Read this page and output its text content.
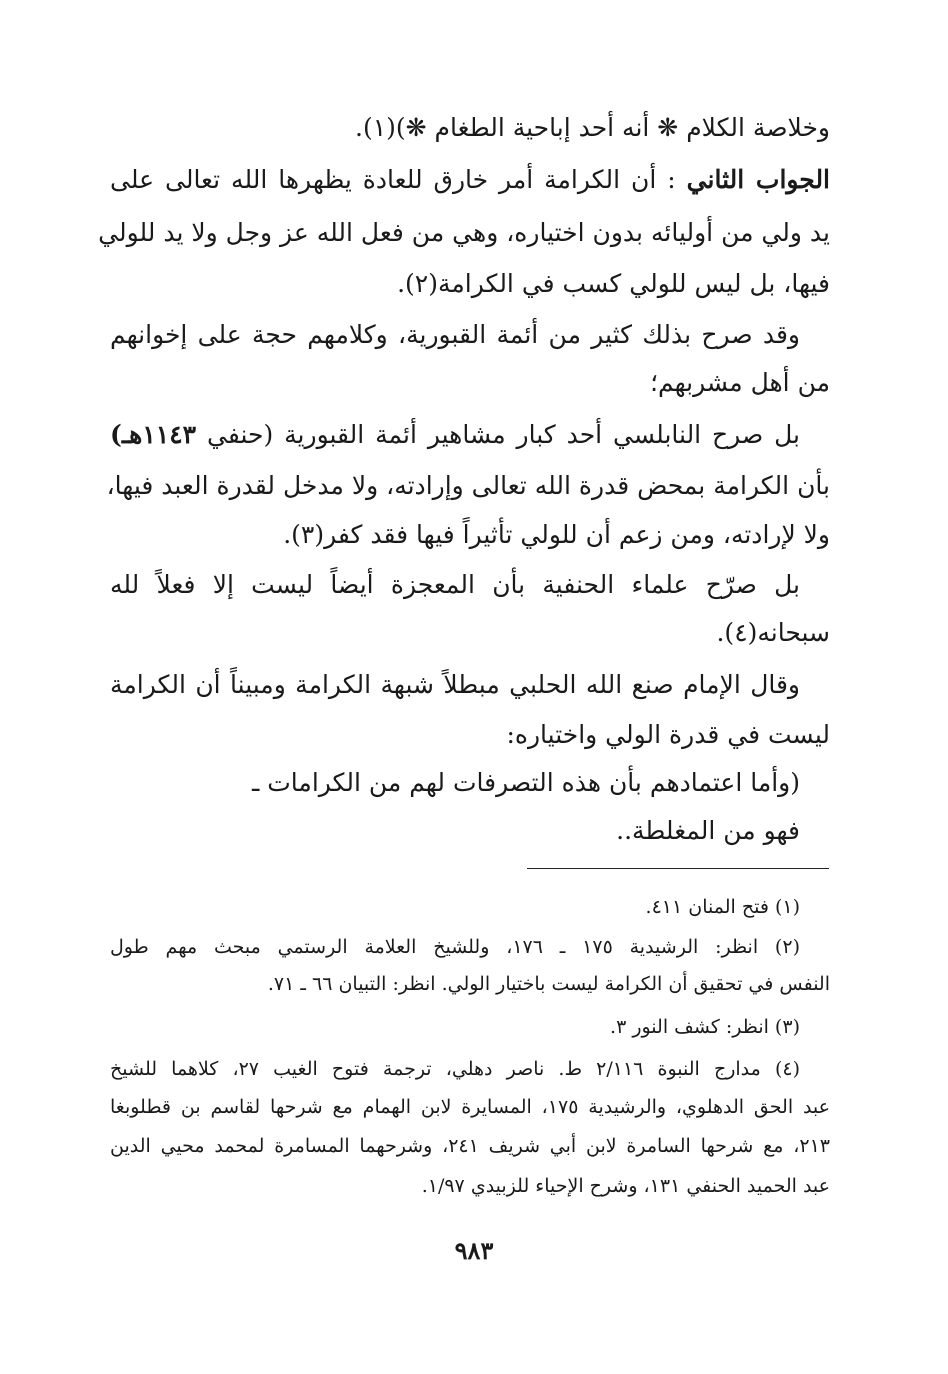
وخلاصة الكلام ❋ أنه أحد إباحية الطغام ❋)(١).

الجواب الثاني : أن الكرامة أمر خارق للعادة يظهرها الله تعالى على

يد ولي من أوليائه بدون اختياره، وهي من فعل الله عز وجل ولا يد للولي

فيها، بل ليس للولي كسب في الكرامة(٢).

وقد صرح بذلك كثير من أئمة القبورية، وكلامهم حجة على إخوانهم

من أهل مشربهم؛

بل صرح النابلسي أحد كبار مشاهير أئمة القبورية (حنفي ١١٤٣هـ)

بأن الكرامة بمحض قدرة الله تعالى وإرادته، ولا مدخل لقدرة العبد فيها،

ولا لإرادته، ومن زعم أن للولي تأثيراً فيها فقد كفر(٣).

بل صرّح علماء الحنفية بأن المعجزة أيضاً ليست إلا فعلاً لله

سبحانه(٤).

وقال الإمام صنع الله الحلبي مبطلاً شبهة الكرامة ومبيناً أن الكرامة

ليست في قدرة الولي واختياره:

(وأما اعتمادهم بأن هذه التصرفات لهم من الكرامات ـ

فهو من المغلطة..

(١) فتح المنان ٤١١.

(٢) انظر: الرشيدية ١٧٥ ـ ١٧٦، وللشيخ العلامة الرستمي مبحث مهم طول

النفس في تحقيق أن الكرامة ليست باختيار الولي. انظر: التبيان ٦٦ ـ ٧١.

(٣) انظر: كشف النور ٣.

(٤) مدارج النبوة ٢/١١٦ ط. ناصر دهلي، ترجمة فتوح الغيب ٢٧، كلاهما للشيخ

عبد الحق الدهلوي، والرشيدية ١٧٥، المسايرة لابن الهمام مع شرحها لقاسم بن قطلوبغا

٢١٣، مع شرحها السامرة لابن أبي شريف ٢٤١، وشرحهما المسامرة لمحمد محيي الدين

عبد الحميد الحنفي ١٣١، وشرح الإحياء للزبيدي ١/٩٧.

٩٨٣
